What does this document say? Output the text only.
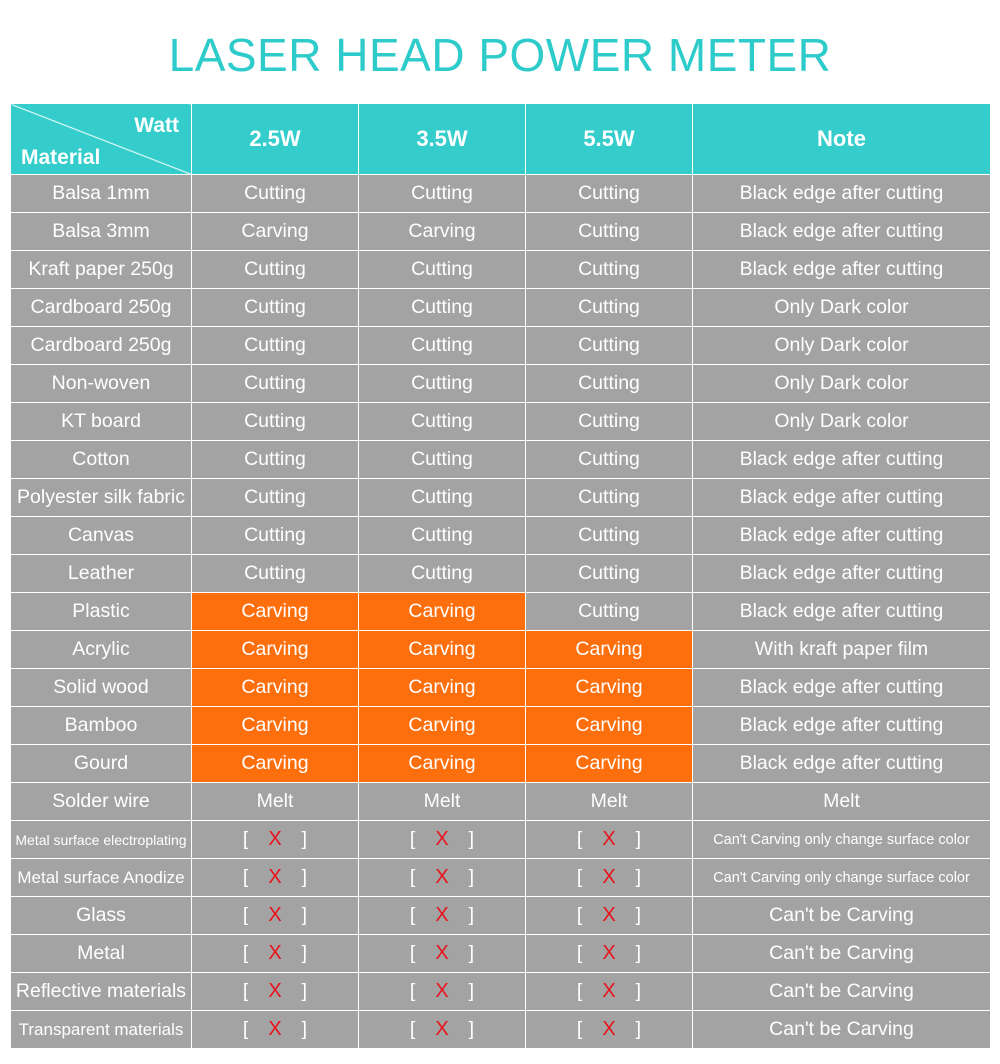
LASER HEAD POWER METER
Watt
Material	2.5W	3.5W	5.5W	Note
Balsa 1mm	Cutting	Cutting	Cutting	Black edge after cutting
Balsa 3mm	Carving	Carving	Cutting	Black edge after cutting
Kraft paper 250g	Cutting	Cutting	Cutting	Black edge after cutting
Cardboard 250g	Cutting	Cutting	Cutting	Only Dark color
Cardboard 250g	Cutting	Cutting	Cutting	Only Dark color
Non-woven	Cutting	Cutting	Cutting	Only Dark color
KT board	Cutting	Cutting	Cutting	Only Dark color
Cotton	Cutting	Cutting	Cutting	Black edge after cutting
Polyester silk fabric	Cutting	Cutting	Cutting	Black edge after cutting
Canvas	Cutting	Cutting	Cutting	Black edge after cutting
Leather	Cutting	Cutting	Cutting	Black edge after cutting
Plastic	Carving	Carving	Cutting	Black edge after cutting
Acrylic	Carving	Carving	Carving	With kraft paper film
Solid wood	Carving	Carving	Carving	Black edge after cutting
Bamboo	Carving	Carving	Carving	Black edge after cutting
Gourd	Carving	Carving	Carving	Black edge after cutting
Solder wire	Melt	Melt	Melt	Melt
Metal surface electroplating	[ X ]	[ X ]	[ X ]	Can't Carving only change surface color
Metal surface Anodize	[ X ]	[ X ]	[ X ]	Can't Carving only change surface color
Glass	[ X ]	[ X ]	[ X ]	Can't be Carving
Metal	[ X ]	[ X ]	[ X ]	Can't be Carving
Reflective materials	[ X ]	[ X ]	[ X ]	Can't be Carving
Transparent materials	[ X ]	[ X ]	[ X ]	Can't be Carving
